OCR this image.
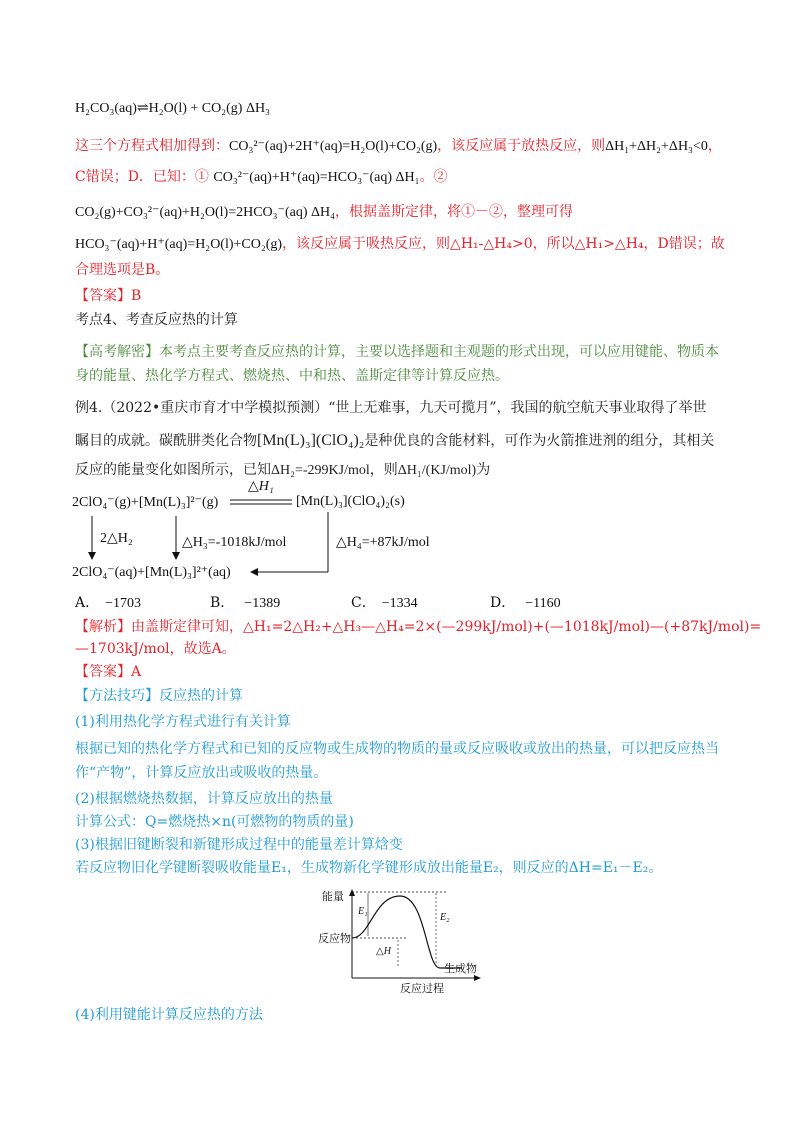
H₂CO₃(aq)⇌H₂O(l) + CO₂(g) ΔH₃
这三个方程式相加得到：CO₃²⁻(aq)+2H⁺(aq)=H₂O(l)+CO₂(g)，该反应属于放热反应，则ΔH₁+ΔH₂+ΔH₃<0，
C错误；D．已知：① CO₃²⁻(aq)+H⁺(aq)=HCO₃⁻(aq) ΔH₁。②
CO₂(g)+CO₃²⁻(aq)+H₂O(l)=2HCO₃⁻(aq) ΔH₄，根据盖斯定律，将①－②，整理可得
HCO₃⁻(aq)+H⁺(aq)=H₂O(l)+CO₂(g)，该反应属于吸热反应，则△H₁-△H₄>0，所以△H₁>△H₄，D错误；故
合理选项是B。
【答案】B
考点4、考查反应热的计算
【高考解密】本考点主要考查反应热的计算，主要以选择题和主观题的形式出现，可以应用键能、物质本
身的能量、热化学方程式、燃烧热、中和热、盖斯定律等计算反应热。
例4.（2022•重庆市育才中学模拟预测）“世上无难事，九天可揽月”，我国的航空航天事业取得了举世
瞩目的成就。碳酰肼类化合物[Mn(L)₃](ClO₄)₂是种优良的含能材料，可作为火箭推进剂的组分，其相关
反应的能量变化如图所示，已知ΔH₂=-299KJ/mol，则ΔH₁/(KJ/mol)为
2ClO₄⁻(g)+[Mn(L)₃]²⁻(g)
△H₁
[Mn(L)₃](ClO₄)₂(s)
2△H₂	△H₃=-1018kJ/mol	△H₄=+87kJ/mol
2ClO₄⁻(aq)+[Mn(L)₃]²⁺(aq)
A． −1703	B． −1389	C． −1334	D． −1160
【解析】由盖斯定律可知，△H₁=2△H₂+△H₃—△H₄=2×(—299kJ/mol)+(—1018kJ/mol)—(+87kJ/mol)=
—1703kJ/mol，故选A。
【答案】A
【方法技巧】反应热的计算
(1)利用热化学方程式进行有关计算
根据已知的热化学方程式和已知的反应物或生成物的物质的量或反应吸收或放出的热量，可以把反应热当
作“产物”，计算反应放出或吸收的热量。
(2)根据燃烧热数据，计算反应放出的热量
计算公式：Q=燃烧热×n(可燃物的物质的量)
(3)根据旧键断裂和新键形成过程中的能量差计算焓变
若反应物旧化学键断裂吸收能量E₁，生成物新化学键形成放出能量E₂，则反应的ΔH=E₁－E₂。
能量
反应物
E₁
E₂
△H
生成物
反应过程
(4)利用键能计算反应热的方法
